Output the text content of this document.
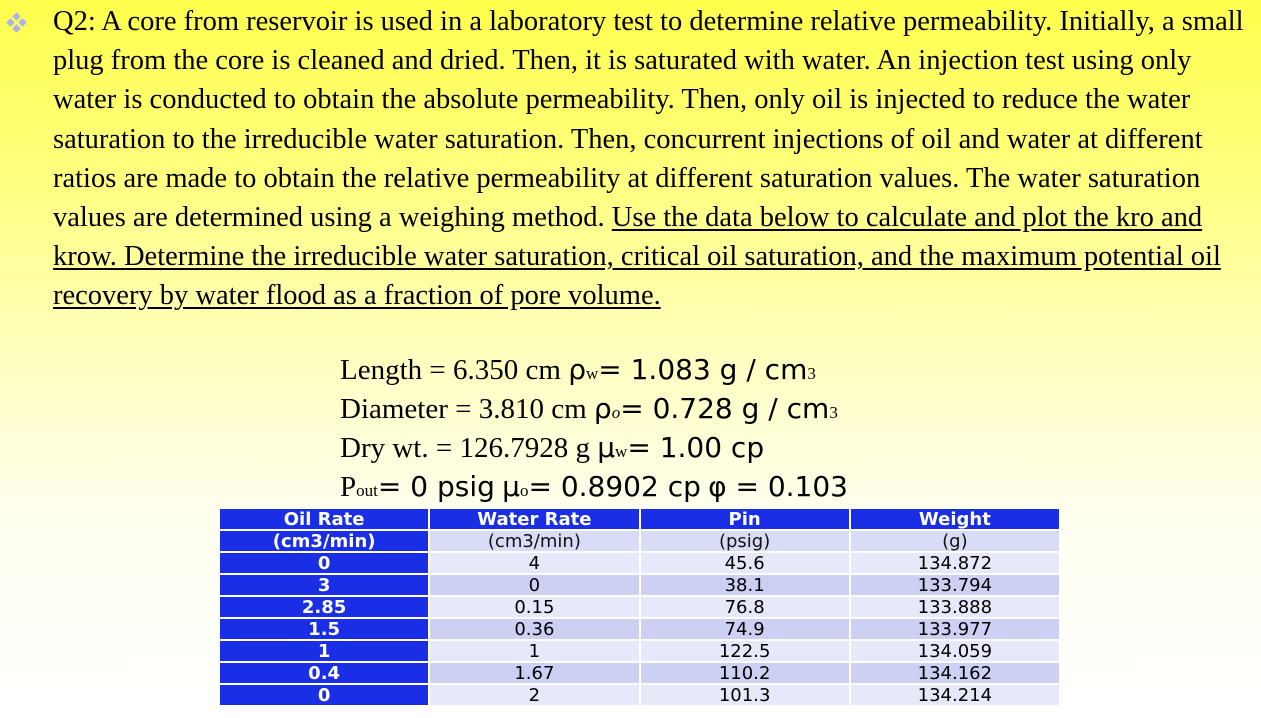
Q2: A core from reservoir is used in a laboratory test to determine relative permeability. Initially, a small plug from the core is cleaned and dried. Then, it is saturated with water. An injection test using only water is conducted to obtain the absolute permeability. Then, only oil is injected to reduce the water saturation to the irreducible water saturation. Then, concurrent injections of oil and water at different ratios are made to obtain the relative permeability at different saturation values. The water saturation values are determined using a weighing method. Use the data below to calculate and plot the kro and krow. Determine the irreducible water saturation, critical oil saturation, and the maximum potential oil recovery by water flood as a fraction of pore volume.

Length = 6.350 cm ρw= 1.083 g / cm3
Diameter = 3.810 cm ρo= 0.728 g / cm3
Dry wt. = 126.7928 g μw= 1.00 cp
Pout= 0 psig μo= 0.8902 cp φ = 0.103
Oil Rate	Water Rate	Pin	Weight
(cm3/min)	(cm3/min)	(psig)	(g)
0	4	45.6	134.872
3	0	38.1	133.794
2.85	0.15	76.8	133.888
1.5	0.36	74.9	133.977
1	1	122.5	134.059
0.4	1.67	110.2	134.162
0	2	101.3	134.214
